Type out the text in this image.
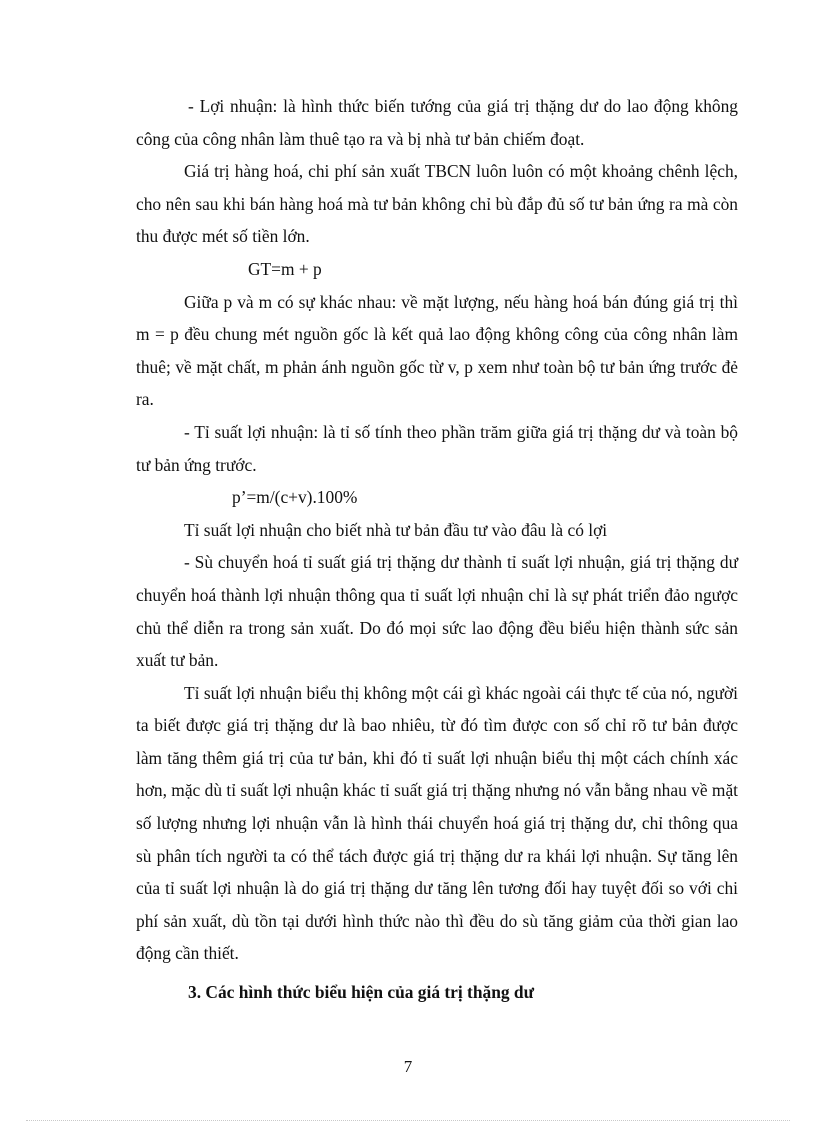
- Lợi nhuận: là hình thức biến tướng của giá trị thặng dư do lao động không công của công nhân làm thuê tạo ra và bị nhà tư bản chiếm đoạt.

Giá trị hàng hoá, chi phí sản xuất TBCN luôn luôn có một khoảng chênh lệch, cho nên sau khi bán hàng hoá mà tư bản không chỉ bù đắp đủ số tư bản ứng ra mà còn thu được mét số tiền lớn.

GT=m + p

Giữa p và m có sự khác nhau: về mặt lượng, nếu hàng hoá bán đúng giá trị thì m = p đều chung mét nguồn gốc là kết quả lao động không công của công nhân làm thuê; về mặt chất, m phản ánh nguồn gốc từ v, p xem như toàn bộ tư bản ứng trước đẻ ra.

- Tỉ suất lợi nhuận: là tỉ số tính theo phần trăm giữa giá trị thặng dư và toàn bộ tư bản ứng trước.

p’=m/(c+v).100%

Tỉ suất lợi nhuận cho biết nhà tư bản đầu tư vào đâu là có lợi

- Sù chuyển hoá tỉ suất giá trị thặng dư thành tỉ suất lợi nhuận, giá trị thặng dư chuyển hoá thành lợi nhuận thông qua tỉ suất lợi nhuận chỉ là sự phát triển đảo ngược chủ thể diễn ra trong sản xuất. Do đó mọi sức lao động đều biểu hiện thành sức sản xuất tư bản.

Tỉ suất lợi nhuận biểu thị không một cái gì khác ngoài cái thực tế của nó, người ta biết được giá trị thặng dư là bao nhiêu, từ đó tìm được con số chỉ rõ tư bản được làm tăng thêm giá trị của tư bản, khi đó tỉ suất lợi nhuận biểu thị một cách chính xác hơn, mặc dù tỉ suất lợi nhuận khác tỉ suất giá trị thặng nhưng nó vẫn bằng nhau về mặt số lượng nhưng lợi nhuận vẫn là hình thái chuyển hoá giá trị thặng dư, chỉ thông qua sù phân tích người ta có thể tách được giá trị thặng dư ra khái lợi nhuận. Sự tăng lên của tỉ suất lợi nhuận là do giá trị thặng dư tăng lên tương đối hay tuyệt đối so với chi phí sản xuất, dù tồn tại dưới hình thức nào thì đều do sù tăng giảm của thời gian lao động cần thiết.

3. Các hình thức biểu hiện của giá trị thặng dư

7
